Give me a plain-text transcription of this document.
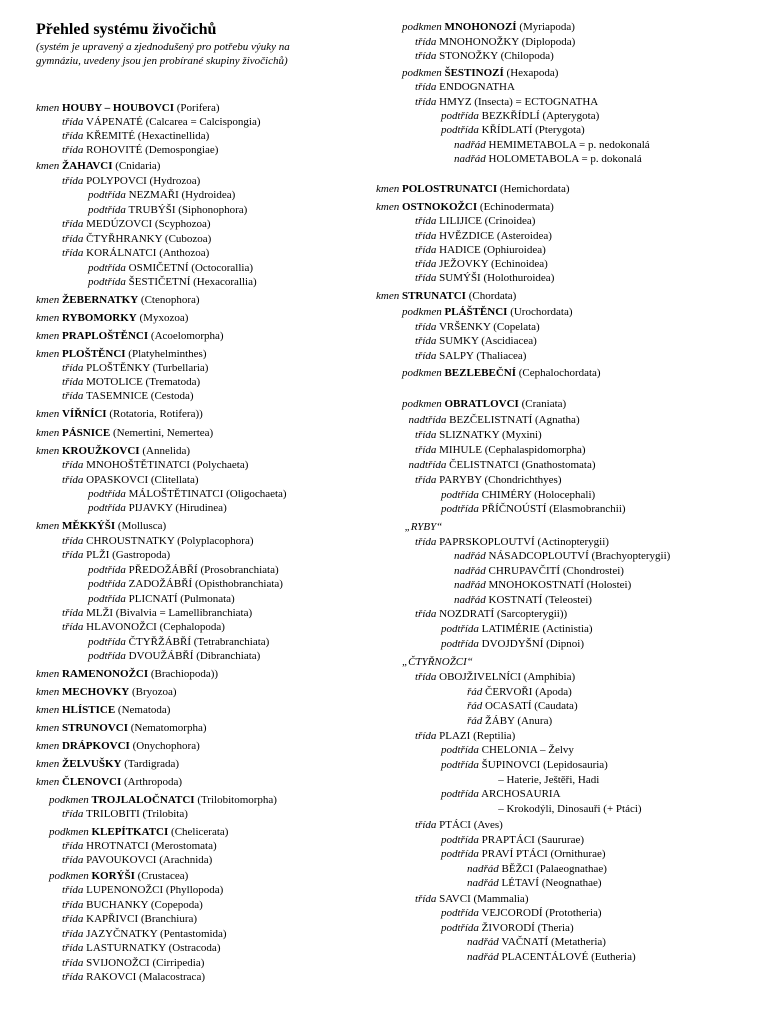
Přehled systému živočichů
(systém je upravený a zjednodušený pro potřebu výuky na
gymnáziu, uvedeny jsou jen probírané skupiny živočichů)
kmen HOUBY – HOUBOVCI (Porifera)
třída VÁPENATÉ (Calcarea = Calcispongia)
třída KŘEMITÉ (Hexactinellida)
třída ROHOVITÉ (Demospongiae)
kmen ŽAHAVCI (Cnidaria)
třída POLYPOVCI (Hydrozoa)
podtřída NEZMAŘI (Hydroidea)
podtřída TRUBÝŠI (Siphonophora)
třída MEDÚZOVCI (Scyphozoa)
třída ČTYŘHRANKY (Cubozoa)
třída KORÁLNATCI (Anthozoa)
podtřída OSMIČETNÍ (Octocorallia)
podtřída ŠESTIČETNÍ (Hexacorallia)
kmen ŽEBERNATKY (Ctenophora)
kmen RYBOMORKY (Myxozoa)
kmen PRAPLOŠTĚNCI (Acoelomorpha)
kmen PLOŠTĚNCI (Platyhelminthes)
třída PLOŠTĚNKY (Turbellaria)
třída MOTOLICE (Trematoda)
třída TASEMNICE (Cestoda)
kmen VÍŘNÍCI (Rotatoria, Rotifera))
kmen PÁSNICE (Nemertini, Nemertea)
kmen KROUŽKOVCI (Annelida)
třída MNOHOŠTĚTINATCI (Polychaeta)
třída OPASKOVCI (Clitellata)
podtřída MÁLOŠTĚTINATCI (Oligochaeta)
podtřída PIJAVKY (Hirudinea)
kmen MĚKKÝŠI (Mollusca)
třída CHROUSTNATKY (Polyplacophora)
třída PLŽI (Gastropoda)
podtřída PŘEDOŽÁBŘÍ (Prosobranchiata)
podtřída ZADOŽÁBŘÍ (Opisthobranchiata)
podtřída PLICNATÍ (Pulmonata)
třída MLŽI (Bivalvia = Lamellibranchiata)
třída HLAVONOŽCI (Cephalopoda)
podtřída ČTYŘŽÁBŘÍ (Tetrabranchiata)
podtřída DVOUŽÁBŘÍ (Dibranchiata)
kmen RAMENONOŽCI (Brachiopoda))
kmen MECHOVKY (Bryozoa)
kmen HLÍSTICE (Nematoda)
kmen STRUNOVCI (Nematomorpha)
kmen DRÁPKOVCI (Onychophora)
kmen ŽELVUŠKY (Tardigrada)
kmen ČLENOVCI (Arthropoda)
podkmen TROJLALOČNATCI (Trilobitomorpha)
třída TRILOBITI (Trilobita)
podkmen KLEPÍTKATCI (Chelicerata)
třída HROTNATCI (Merostomata)
třída PAVOUKOVCI (Arachnida)
podkmen KORÝŠI (Crustacea)
třída LUPENONOŽCI (Phyllopoda)
třída BUCHANKY (Copepoda)
třída KAPŘIVCI (Branchiura)
třída JAZYČNATKY (Pentastomida)
třída LASTURNATKY (Ostracoda)
třída SVIJONOŽCI (Cirripedia)
třída RAKOVCI (Malacostraca)
podkmen MNOHONOZÍ (Myriapoda)
třída MNOHONOŽKY (Diplopoda)
třída STONOŽKY (Chilopoda)
podkmen ŠESTINOZÍ (Hexapoda)
třída ENDOGNATHA
třída HMYZ (Insecta) = ECTOGNATHA
podtřída BEZKŘÍDLÍ (Apterygota)
podtřída KŘÍDLATÍ (Pterygota)
nadřád HEMIMETABOLA = p. nedokonalá
nadřád HOLOMETABOLA = p. dokonalá
kmen POLOSTRUNATCI (Hemichordata)
kmen OSTNOKOŽCI (Echinodermata)
třída LILIJICE (Crinoidea)
třída HVĚZDICE (Asteroidea)
třída HADICE (Ophiuroidea)
třída JEŽOVKY (Echinoidea)
třída SUMÝŠI (Holothuroidea)
kmen STRUNATCI (Chordata)
podkmen PLÁŠTĚNCI (Urochordata)
třída VRŠENKY (Copelata)
třída SUMKY (Ascidiacea)
třída SALPY (Thaliacea)
podkmen BEZLEBEČNÍ (Cephalochordata)
podkmen OBRATLOVCI (Craniata)
nadtřída BEZČELISTNATÍ (Agnatha)
třída SLIZNATKY (Myxini)
třída MIHULE (Cephalaspidomorpha)
nadtřída ČELISTNATCI (Gnathostomata)
třída PARYBY (Chondrichthyes)
podtřída CHIMÉRY (Holocephali)
podtřída PŘÍČNOÚSTÍ (Elasmobranchii)
„RYBY“
třída PAPRSKOPLOUTVÍ (Actinopterygii)
nadřád NÁSADCOPLOUTVÍ (Brachyopterygii)
nadřád CHRUPAVČITÍ (Chondrostei)
nadřád MNOHOKOSTNATÍ (Holostei)
nadřád KOSTNATÍ (Teleostei)
třída NOZDRATÍ (Sarcopterygii))
podtřída LATIMÉRIE (Actinistia)
podtřída DVOJDYŠNÍ (Dipnoi)
„ČTYŘNOŽCI“
třída OBOJŽIVELNÍCI (Amphibia)
řád ČERVOŘI (Apoda)
řád OCASATÍ (Caudata)
řád ŽÁBY (Anura)
třída PLAZI (Reptilia)
podtřída CHELONIA – Želvy
podtřída ŠUPINOVCI (Lepidosauria)
– Haterie, Ještěři, Hadi
podtřída ARCHOSAURIA
– Krokodýli, Dinosauři (+ Ptáci)
třída PTÁCI (Aves)
podtřída PRAPTÁCI (Saururae)
podtřída PRAVÍ PTÁCI (Ornithurae)
nadřád BĚŽCI (Palaeognathae)
nadřád LÉTAVÍ (Neognathae)
třída SAVCI (Mammalia)
podtřída VEJCORODÍ (Prototheria)
podtřída ŽIVORODÍ (Theria)
nadřád VAČNATÍ (Metatheria)
nadřád PLACENTÁLOVÉ (Eutheria)
